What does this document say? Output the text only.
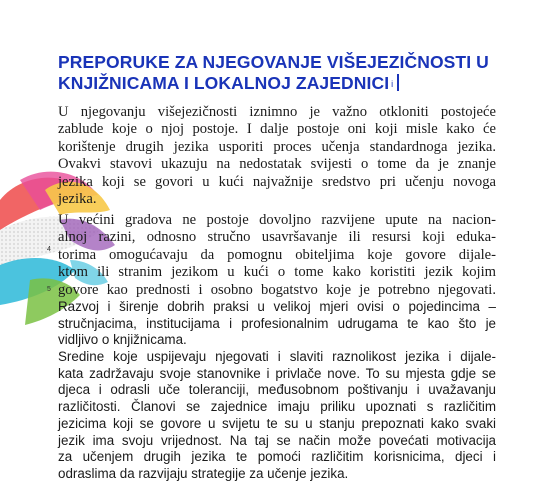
PREPORUKE ZA NJEGOVANJE VIŠEJEZIČNOSTI U
KNJIŽNICAMA I LOKALNOJ ZAJEDNICI $^i$
U njegovanju višejezičnosti iznimno je važno otkloniti postojeće
zablude koje o njoj postoje. I dalje postoje oni koji misle kako će
korištenje drugih jezika usporiti proces učenja standardnoga jezika.
Ovakvi stavovi ukazuju na nedostatak svijesti o tome da je znanje
jezika koji se govori u kući najvažnije sredstvo pri učenju novoga
jezika.
U većini gradova ne postoje dovoljno razvijene upute na nacion-
alnoj razini, odnosno stručno usavršavanje ili resursi koji eduka-
torima omogućavaju da pomognu obiteljima koje govore dijale-
ktom ili stranim jezikom u kući o tome kako koristiti jezik kojim
govore kao prednosti i osobno bogatstvo koje je potrebno njegovati.
4
5
Razvoj i širenje dobrih praksi u velikoj mjeri ovisi o pojedincima –
stručnjacima, institucijama i profesionalnim udrugama te kao što je
vidljivo o knjižnicama.
Sredine koje uspijevaju njegovati i slaviti raznolikost jezika i dijale-
kata zadržavaju svoje stanovnike i privlače nove. To su mjesta gdje se
djeca i odrasli uče toleranciji, međusobnom poštivanju i uvažavanju
različitosti. Članovi se zajednice imaju priliku upoznati s različitim
jezicima koji se govore u svijetu te su u stanju prepoznati kako svaki
jezik ima svoju vrijednost. Na taj se način može povećati motivacija
za učenjem drugih jezika te pomoći različitim korisnicima, djeci i
odraslima da razvijaju strategije za učenje jezika.
